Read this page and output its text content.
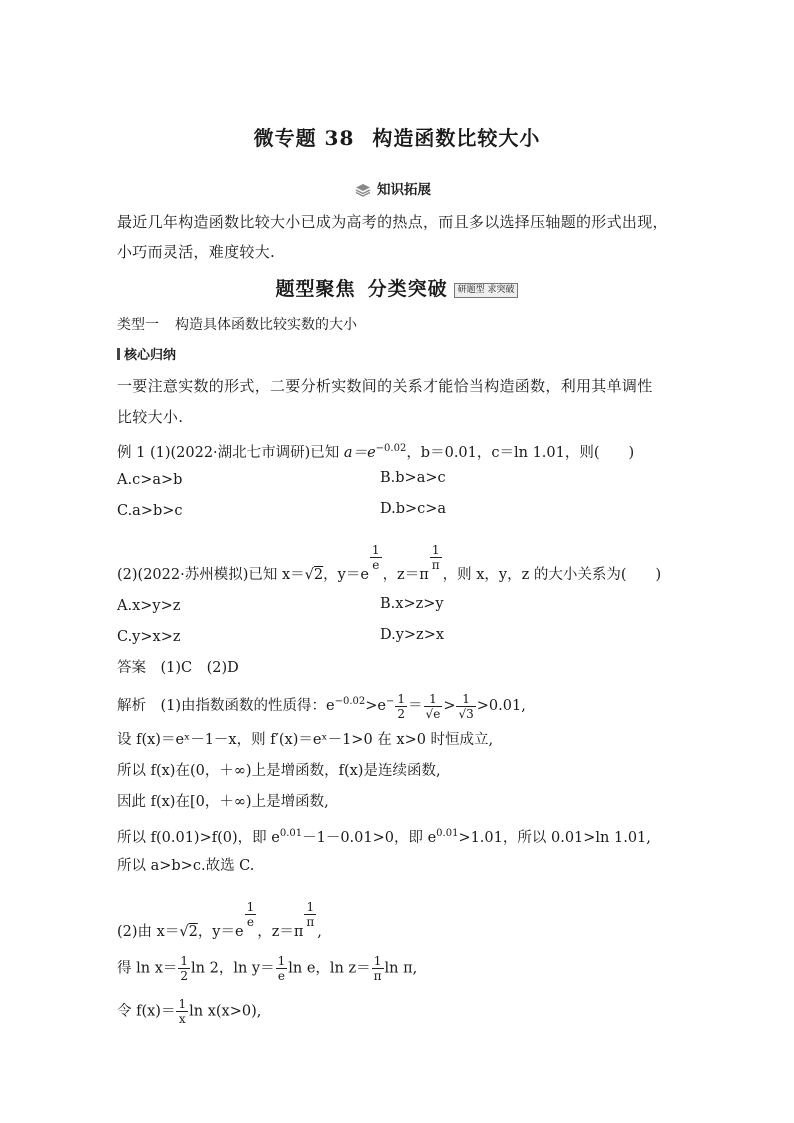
微专题 38 构造函数比较大小
知识拓展
最近几年构造函数比较大小已成为高考的热点，而且多以选择压轴题的形式出现，
小巧而灵活，难度较大.
题型聚焦 分类突破 研题型 求突破
类型一 构造具体函数比较实数的大小
核心归纳
一要注意实数的形式，二要分析实数间的关系才能恰当构造函数，利用其单调性
比较大小.
例 1 (1)(2022·湖北七市调研)已知 $a=e^{-0.02}$，b＝0.01，c＝ln 1.01，则(　　)
A.c>a>b	B.b>a>c
C.a>b>c	D.b>c>a
(2)(2022·苏州模拟)已知 x＝√2，y＝e
$\frac{1}{e}$
，z＝π
$\frac{1}{\pi}$
，则 x，y，z 的大小关系为(　　)
A.x>y>z	B.x>z>y
C.y>x>z	D.y>z>x
答案　 (1)C　(2)D
解析　 (1)由指数函数的性质得：$e^{-0.02}>e^- \frac{1}{2} = \frac{1}{√e} > \frac{1}{√3} >0.01$,
设 f(x)＝eˣ－1－x，则 f′(x)＝eˣ－1>0 在 x>0 时恒成立,
所以 f(x)在(0，＋∞)上是增函数，f(x)是连续函数,
因此 f(x)在[0，＋∞)上是增函数,
所以 f(0.01)>f(0)，即 $e^{0.01}-1-0.01>0$，即 $e^{0.01}>1.01$，所以 0.01>ln 1.01,
所以 a>b>c.故选 C.
(2)由 x＝√2，y＝e
$\frac{1}{e}$
，z＝π
$\frac{1}{\pi}$
,
得 $\ln x= \frac{1}{2}$ ln 2，$\ln y= \frac{1}{e}$ ln e，$\ln z= \frac{1}{\pi}$ ln π,
令 $f(x)= \frac{1}{x}$ ln x(x>0),
